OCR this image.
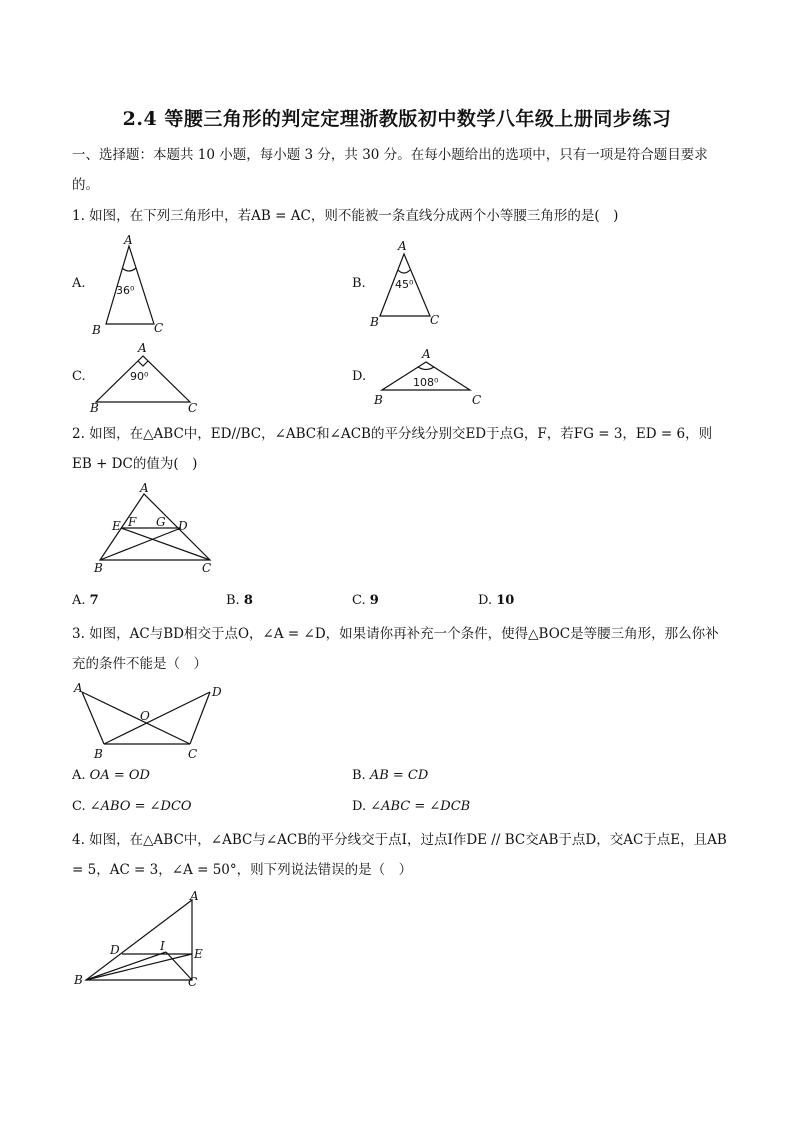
2.4 等腰三角形的判定定理浙教版初中数学八年级上册同步练习
一、选择题：本题共 10 小题，每小题 3 分，共 30 分。在每小题给出的选项中，只有一项是符合题目要求
的。
1. 如图，在下列三角形中，若AB = AC，则不能被一条直线分成两个小等腰三角形的是(　)
A.
A
B	C
36⁰	B.
A
B	C
45⁰
C.
A
B	C
90⁰	D.
A
B	C
108⁰
2. 如图，在△ABC中，ED//BC，∠ABC和∠ACB的平分线分别交ED于点G，F，若FG = 3，ED = 6，则
EB + DC的值为(　)
A
B	C
E F G D
A. 7	B. 8	C. 9	D. 10
3. 如图，AC与BD相交于点O，∠A = ∠D，如果请你再补充一个条件，使得△BOC是等腰三角形，那么你补
充的条件不能是（　）
A
B	C
D
O
A. OA = OD	B. AB = CD
C. ∠ABO = ∠DCO	D. ∠ABC = ∠DCB
4. 如图，在△ABC中，∠ABC与∠ACB的平分线交于点I，过点I作DE // BC交AB于点D，交AC于点E，且AB
= 5，AC = 3，∠A = 50°，则下列说法错误的是（　）
A
B	C
D	E
I
